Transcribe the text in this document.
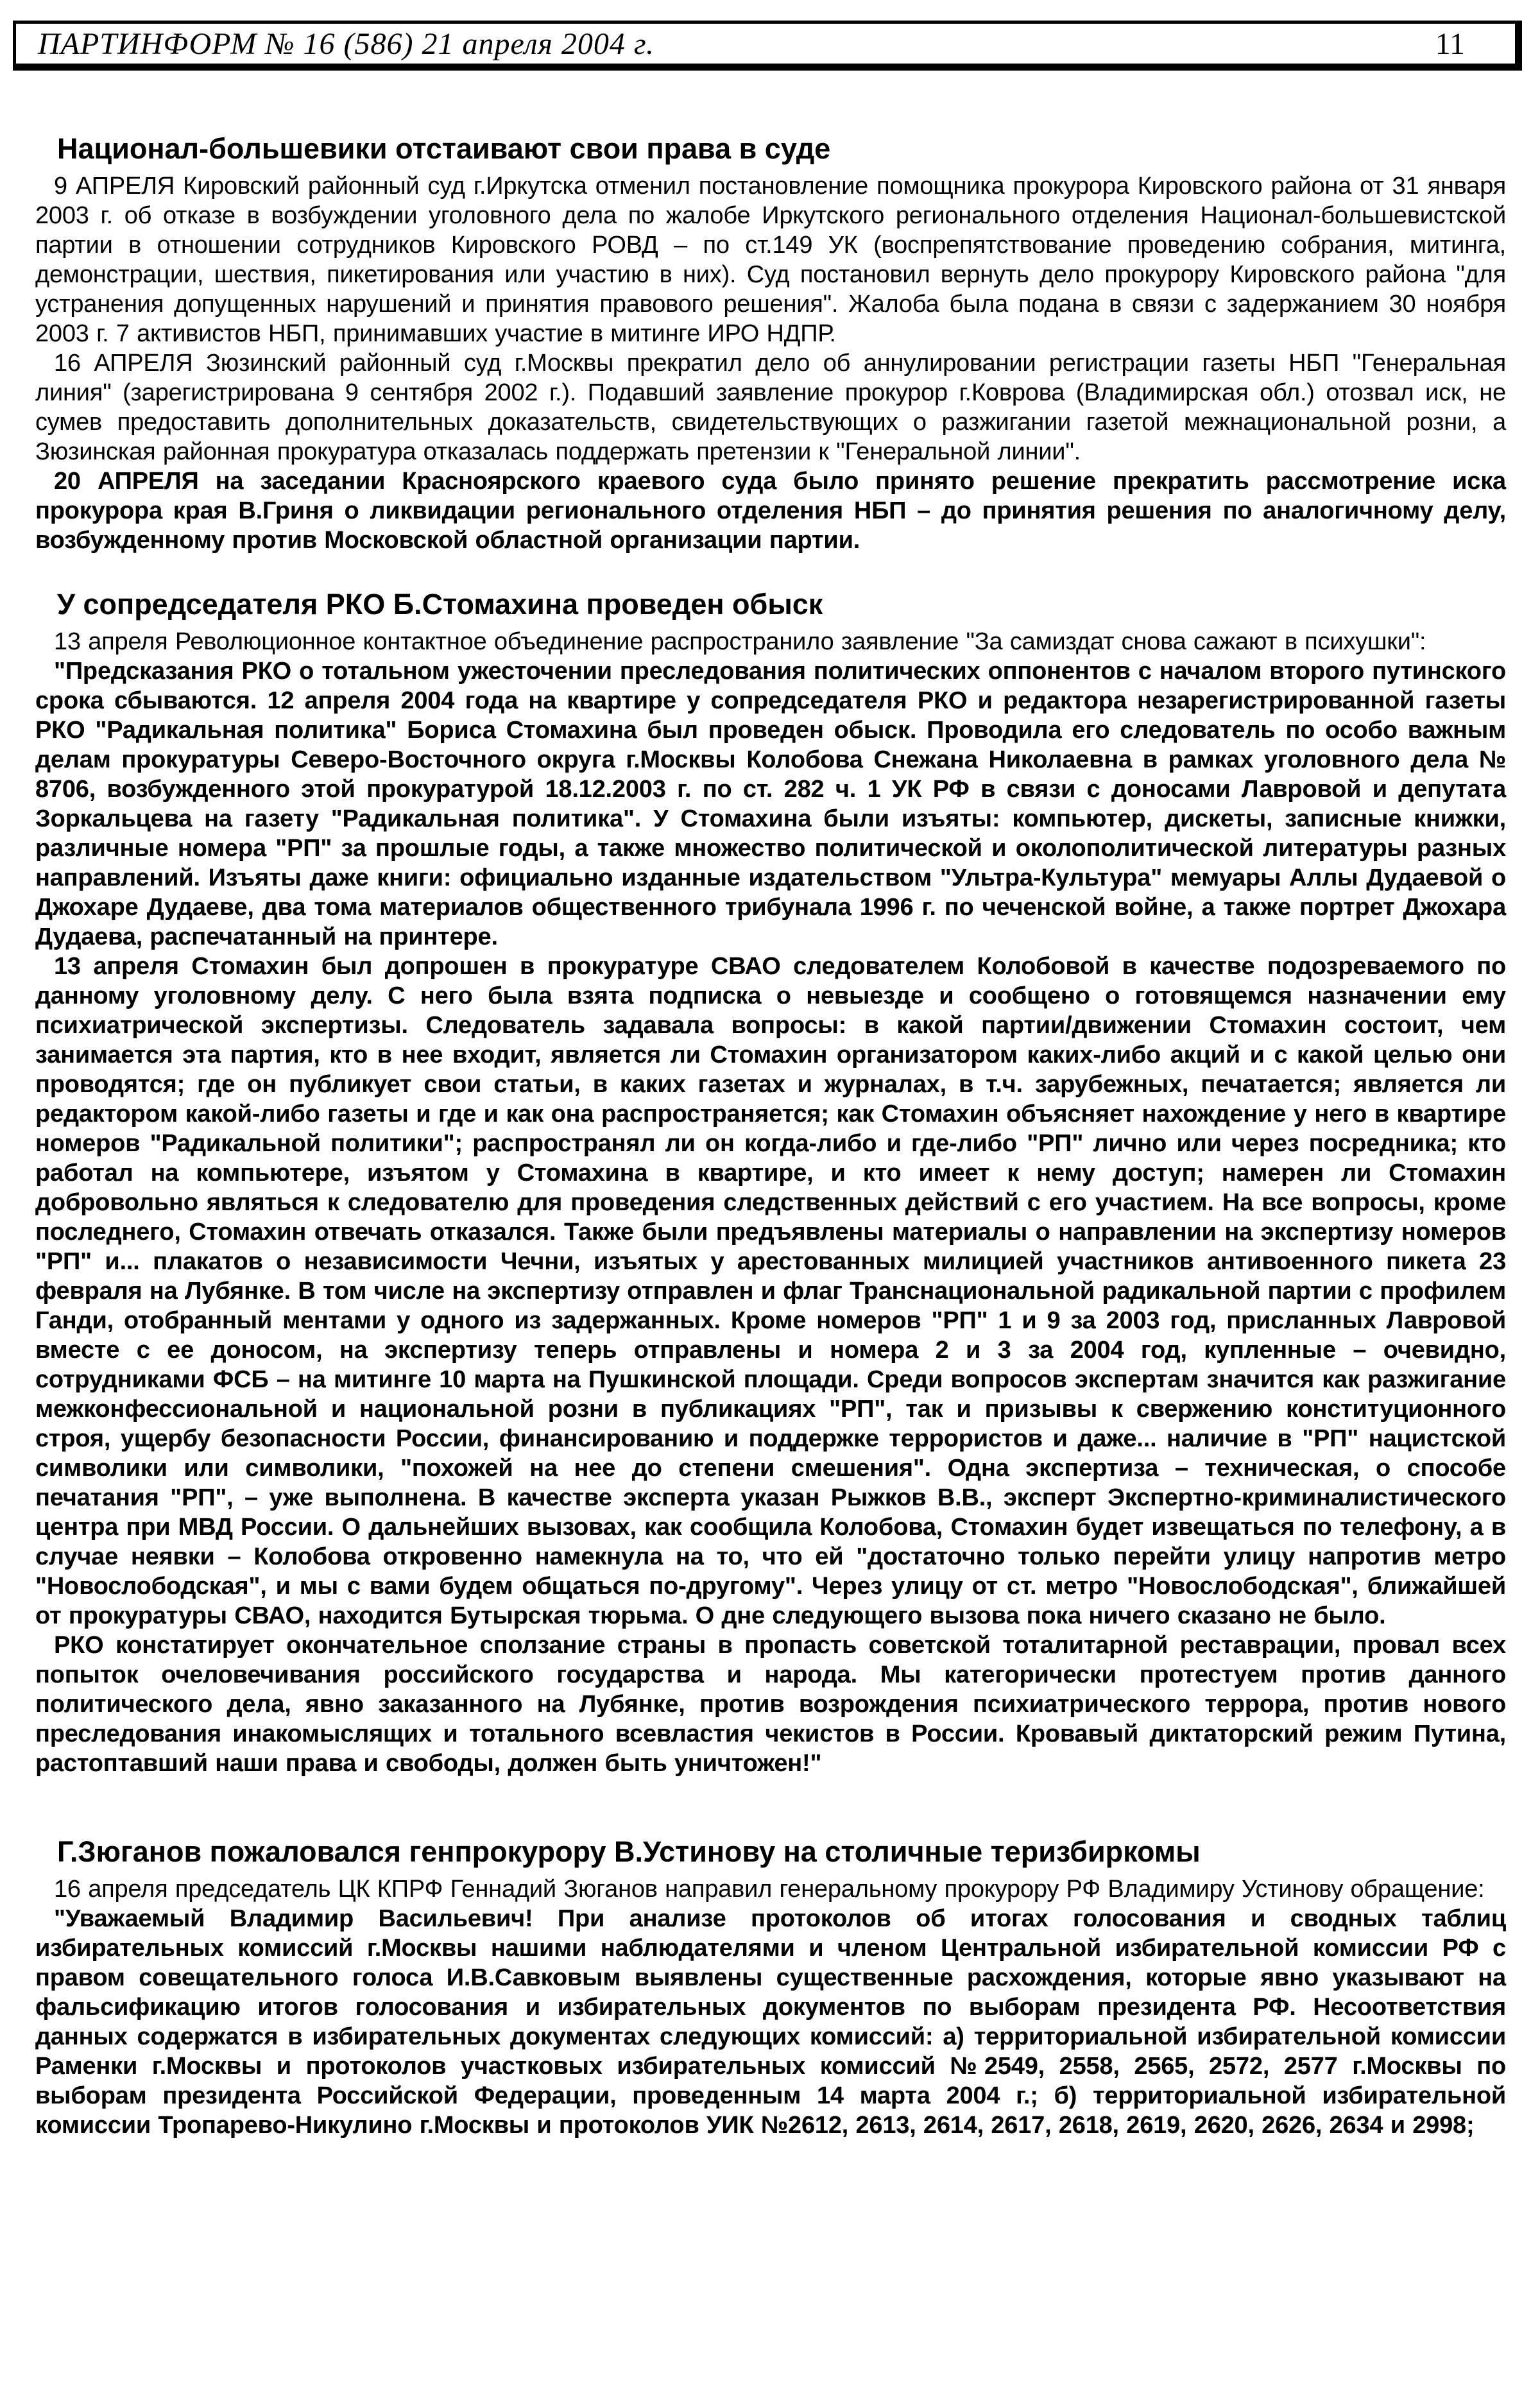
ПАРТИНФОРМ № 16 (586) 21 апреля 2004 г.	11
Национал-большевики отстаивают свои права в суде

9 АПРЕЛЯ Кировский районный суд г.Иркутска отменил постановление помощника прокурора Кировского района от 31 января 2003 г. об отказе в возбуждении уголовного дела по жалобе Иркутского регионального отделения Национал-большевистской партии в отношении сотрудников Кировского РОВД – по ст.149 УК (воспрепятствование проведению собрания, митинга, демонстрации, шествия, пикетирования или участию в них). Суд постановил вернуть дело прокурору Кировского района "для устранения допущенных нарушений и принятия правового решения". Жалоба была подана в связи с задержанием 30 ноября 2003 г. 7 активистов НБП, принимавших участие в митинге ИРО НДПР.

16 АПРЕЛЯ Зюзинский районный суд г.Москвы прекратил дело об аннулировании регистрации газеты НБП "Генеральная линия" (зарегистрирована 9 сентября 2002 г.). Подавший заявление прокурор г.Коврова (Владимирская обл.) отозвал иск, не сумев предоставить дополнительных доказательств, свидетельствующих о разжигании газетой межнациональной розни, а Зюзинская районная прокуратура отказалась поддержать претензии к "Генеральной линии".

20 АПРЕЛЯ на заседании Красноярского краевого суда было принято решение прекратить рассмотрение иска прокурора края В.Гриня о ликвидации регионального отделения НБП – до принятия решения по аналогичному делу, возбужденному против Московской областной организации партии.

У сопредседателя РКО Б.Стомахина проведен обыск

13 апреля Революционное контактное объединение распространило заявление "За самиздат снова сажают в психушки":

"Предсказания РКО о тотальном ужесточении преследования политических оппонентов с началом второго путинского срока сбываются. 12 апреля 2004 года на квартире у сопредседателя РКО и редактора незарегистрированной газеты РКО "Радикальная политика" Бориса Стомахина был проведен обыск. Проводила его следователь по особо важным делам прокуратуры Северо-Восточного округа г.Москвы Колобова Снежана Николаевна в рамках уголовного дела № 8706, возбужденного этой прокуратурой 18.12.2003 г. по ст. 282 ч. 1 УК РФ в связи с доносами Лавровой и депутата Зоркальцева на газету "Радикальная политика". У Стомахина были изъяты: компьютер, дискеты, записные книжки, различные номера "РП" за прошлые годы, а также множество политической и околополитической литературы разных направлений. Изъяты даже книги: официально изданные издательством "Ультра-Культура" мемуары Аллы Дудаевой о Джохаре Дудаеве, два тома материалов общественного трибунала 1996 г. по чеченской войне, а также портрет Джохара Дудаева, распечатанный на принтере.

13 апреля Стомахин был допрошен в прокуратуре СВАО следователем Колобовой в качестве подозреваемого по данному уголовному делу. С него была взята подписка о невыезде и сообщено о готовящемся назначении ему психиатрической экспертизы. Следователь задавала вопросы: в какой партии/движении Стомахин состоит, чем занимается эта партия, кто в нее входит, является ли Стомахин организатором каких-либо акций и с какой целью они проводятся; где он публикует свои статьи, в каких газетах и журналах, в т.ч. зарубежных, печатается; является ли редактором какой-либо газеты и где и как она распространяется; как Стомахин объясняет нахождение у него в квартире номеров "Радикальной политики"; распространял ли он когда-либо и где-либо "РП" лично или через посредника; кто работал на компьютере, изъятом у Стомахина в квартире, и кто имеет к нему доступ; намерен ли Стомахин добровольно являться к следователю для проведения следственных действий с его участием. На все вопросы, кроме последнего, Стомахин отвечать отказался. Также были предъявлены материалы о направлении на экспертизу номеров "РП" и... плакатов о независимости Чечни, изъятых у арестованных милицией участников антивоенного пикета 23 февраля на Лубянке. В том числе на экспертизу отправлен и флаг Транснациональной радикальной партии с профилем Ганди, отобранный ментами у одного из задержанных. Кроме номеров "РП" 1 и 9 за 2003 год, присланных Лавровой вместе с ее доносом, на экспертизу теперь отправлены и номера 2 и 3 за 2004 год, купленные – очевидно, сотрудниками ФСБ – на митинге 10 марта на Пушкинской площади. Среди вопросов экспертам значится как разжигание межконфессиональной и национальной розни в публикациях "РП", так и призывы к свержению конституционного строя, ущербу безопасности России, финансированию и поддержке террористов и даже... наличие в "РП" нацистской символики или символики, "похожей на нее до степени смешения". Одна экспертиза – техническая, о способе печатания "РП", – уже выполнена. В качестве эксперта указан Рыжков В.В., эксперт Экспертно-криминалистического центра при МВД России. О дальнейших вызовах, как сообщила Колобова, Стомахин будет извещаться по телефону, а в случае неявки – Колобова откровенно намекнула на то, что ей "достаточно только перейти улицу напротив метро "Новослободская", и мы с вами будем общаться по-другому". Через улицу от ст. метро "Новослободская", ближайшей от прокуратуры СВАО, находится Бутырская тюрьма. О дне следующего вызова пока ничего сказано не было.

РКО констатирует окончательное сползание страны в пропасть советской тоталитарной реставрации, провал всех попыток очеловечивания российского государства и народа. Мы категорически протестуем против данного политического дела, явно заказанного на Лубянке, против возрождения психиатрического террора, против нового преследования инакомыслящих и тотального всевластия чекистов в России. Кровавый диктаторский режим Путина, растоптавший наши права и свободы, должен быть уничтожен!"

Г.Зюганов пожаловался генпрокурору В.Устинову на столичные теризбиркомы

16 апреля председатель ЦК КПРФ Геннадий Зюганов направил генеральному прокурору РФ Владимиру Устинову обращение:

"Уважаемый Владимир Васильевич! При анализе протоколов об итогах голосования и сводных таблиц избирательных комиссий г.Москвы нашими наблюдателями и членом Центральной избирательной комиссии РФ с правом совещательного голоса И.В.Савковым выявлены существенные расхождения, которые явно указывают на фальсификацию итогов голосования и избирательных документов по выборам президента РФ. Несоответствия данных содержатся в избирательных документах следующих комиссий: а) территориальной избирательной комиссии Раменки г.Москвы и протоколов участковых избирательных комиссий №2549, 2558, 2565, 2572, 2577 г.Москвы по выборам президента Российской Федерации, проведенным 14 марта 2004 г.; б) территориальной избирательной комиссии Тропарево-Никулино г.Москвы и протоколов УИК №2612, 2613, 2614, 2617, 2618, 2619, 2620, 2626, 2634 и 2998;
